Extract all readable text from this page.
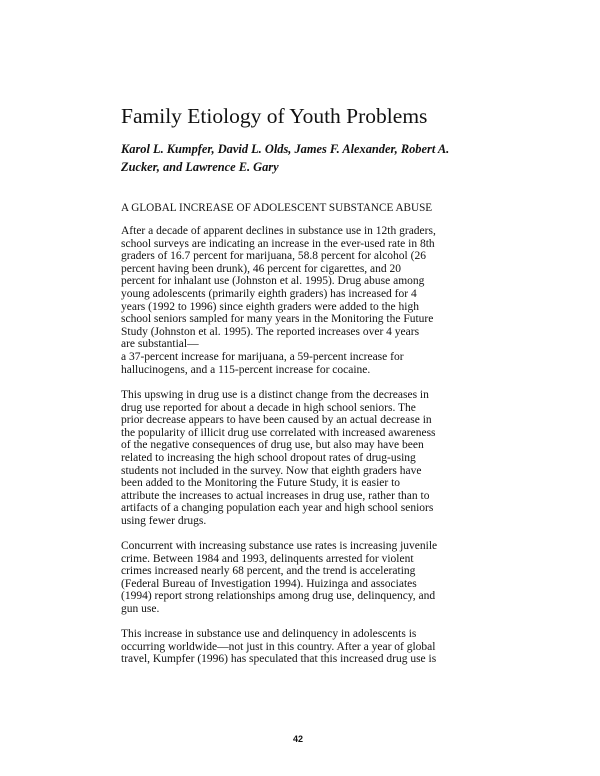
Family Etiology of Youth Problems

Karol L. Kumpfer, David L. Olds, James F. Alexander, Robert A.
Zucker, and Lawrence E. Gary

A GLOBAL INCREASE OF ADOLESCENT SUBSTANCE ABUSE

After a decade of apparent declines in substance use in 12th graders,
school surveys are indicating an increase in the ever-used rate in 8th
graders of 16.7 percent for marijuana, 58.8 percent for alcohol (26
percent having been drunk), 46 percent for cigarettes, and 20
percent for inhalant use (Johnston et al. 1995). Drug abuse among
young adolescents (primarily eighth graders) has increased for 4
years (1992 to 1996) since eighth graders were added to the high
school seniors sampled for many years in the Monitoring the Future
Study (Johnston et al. 1995). The reported increases over 4 years
are substantial—
a 37-percent increase for marijuana, a 59-percent increase for
hallucinogens, and a 115-percent increase for cocaine.

This upswing in drug use is a distinct change from the decreases in
drug use reported for about a decade in high school seniors. The
prior decrease appears to have been caused by an actual decrease in
the popularity of illicit drug use correlated with increased awareness
of the negative consequences of drug use, but also may have been
related to increasing the high school dropout rates of drug-using
students not included in the survey. Now that eighth graders have
been added to the Monitoring the Future Study, it is easier to
attribute the increases to actual increases in drug use, rather than to
artifacts of a changing population each year and high school seniors
using fewer drugs.

Concurrent with increasing substance use rates is increasing juvenile
crime. Between 1984 and 1993, delinquents arrested for violent
crimes increased nearly 68 percent, and the trend is accelerating
(Federal Bureau of Investigation 1994). Huizinga and associates
(1994) report strong relationships among drug use, delinquency, and
gun use.

This increase in substance use and delinquency in adolescents is
occurring worldwide—not just in this country. After a year of global
travel, Kumpfer (1996) has speculated that this increased drug use is

42
